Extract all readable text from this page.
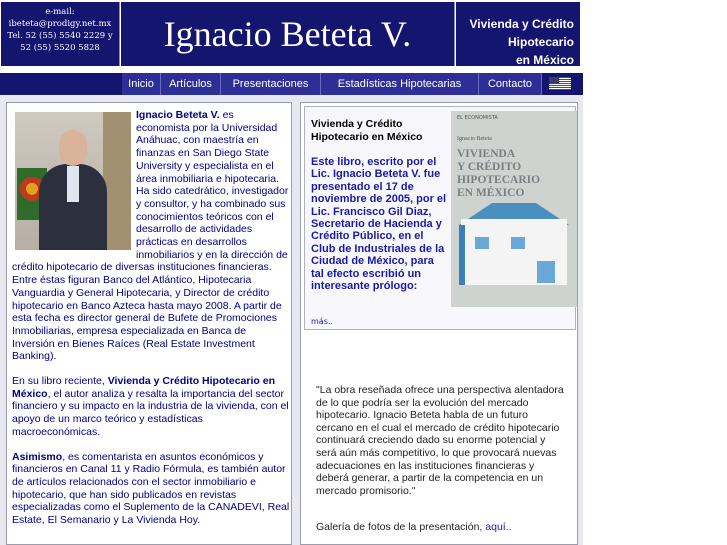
e-mail:
ibeteta@prodigy.net.mx
Tel. 52 (55) 5540 2229 y
52 (55) 5520 5828	Ignacio Beteta V.	Vivienda y Crédito
Hipotecario
en México
Inicio	Artículos	Presentaciones	Estadísticas Hipotecarias	Contacto

Ignacio Beteta V. es economista por la Universidad Anáhuac, con maestría en finanzas en San Diego State University y especialista en el área inmobiliaria e hipotecaria. Ha sido catedrático, investigador y consultor, y ha combinado sus conocimientos teóricos con el desarrollo de actividades prácticas en desarrollos inmobiliarios y en la dirección de crédito hipotecario de diversas instituciones financieras. Entre éstas figuran Banco del Atlántico, Hipotecaria Vanguardia y General Hipotecaria, y Director de crédito hipotecario en Banco Azteca hasta mayo 2008. A partir de esta fecha es director general de Bufete de Promociones Inmobiliarias, empresa especializada en Banca de Inversión en Bienes Raíces (Real Estate Investment Banking).

En su libro reciente, Vivienda y Crédito Hipotecario en México, el autor analiza y resalta la importancia del sector financiero y su impacto en la industria de la vivienda, con el apoyo de un marco teórico y estadísticas macroeconómicas.

Asimismo, es comentarista en asuntos económicos y financieros en Canal 11 y Radio Fórmula, es también autor de artículos relacionados con el sector inmobiliario e hipotecario, que han sido publicados en revistas especializadas como el Suplemento de la CANADEVI, Real Estate, El Semanario y La Vivienda Hoy.

Vivienda y Crédito Hipotecario en México
Este libro, escrito por el Lic. Ignacio Beteta V. fue presentado el 17 de noviembre de 2005, por el Lic. Francisco Gil Diaz, Secretario de Hacienda y Crédito Público, en el Club de Industriales de la Ciudad de México, para tal efecto escribió un interesante prólogo:
más..
EL ECONOMISTA
Ignacio Beteta
VIVIENDA
Y CRÉDITO
HIPOTECARIO
EN MÉXICO
"La obra reseñada ofrece una perspectiva alentadora de lo que podría ser la evolución del mercado hipotecario. Ignacio Beteta habla de un futuro cercano en el cual el mercado de crédito hipotecario continuará creciendo dado su enorme potencial y será aún más competitivo, lo que provocará nuevas adecuaciones en las instituciones financieras y deberá generar, a partir de la competencia en un mercado promisorio."
Galería de fotos de la presentación, aquí..
